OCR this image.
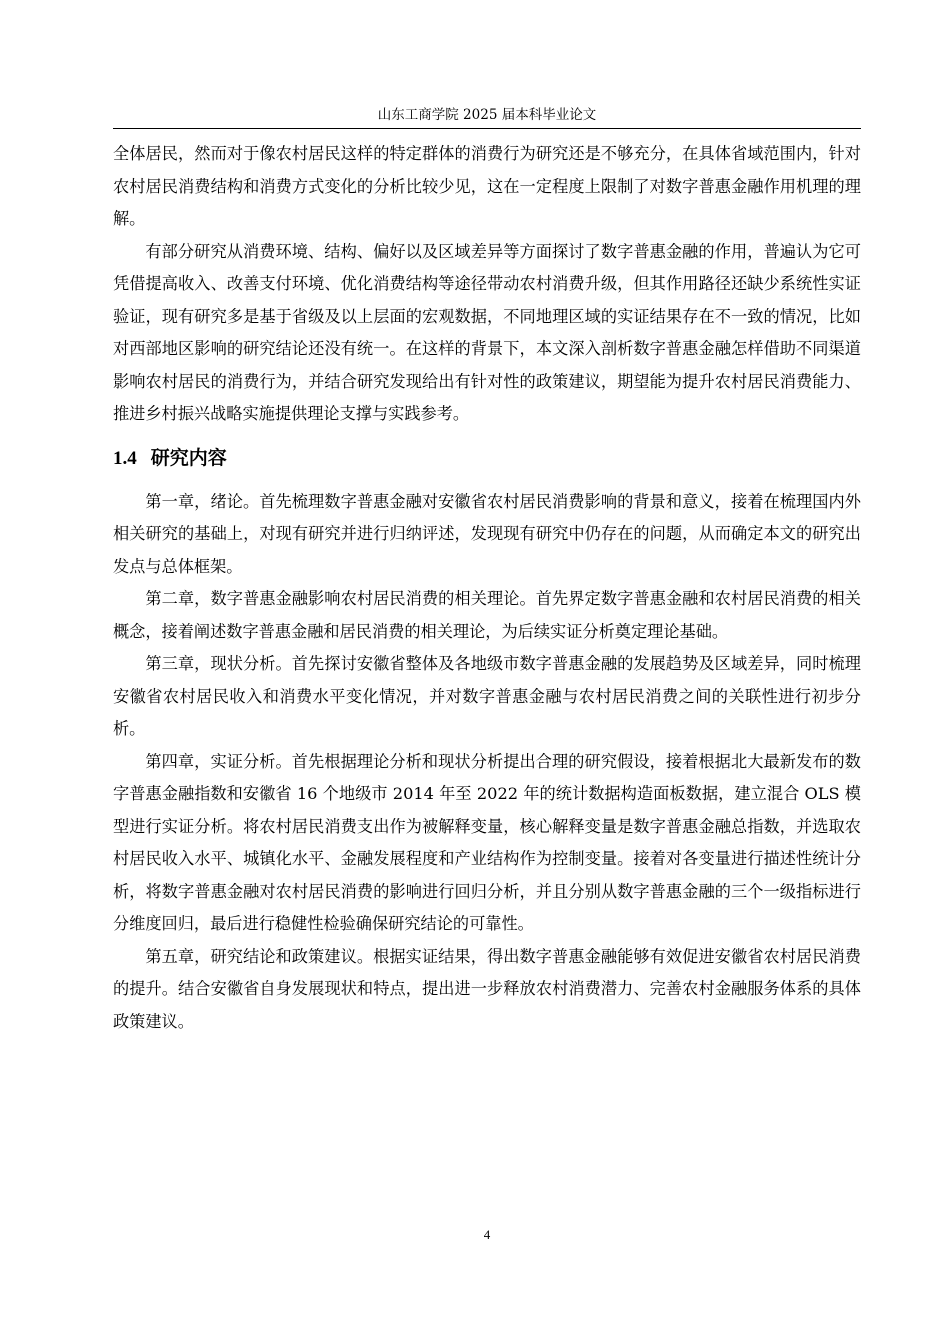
山东工商学院 2025 届本科毕业论文

全体居民，然而对于像农村居民这样的特定群体的消费行为研究还是不够充分，在具体省域范围内，针对农村居民消费结构和消费方式变化的分析比较少见，这在一定程度上限制了对数字普惠金融作用机理的理解。

有部分研究从消费环境、结构、偏好以及区域差异等方面探讨了数字普惠金融的作用，普遍认为它可凭借提高收入、改善支付环境、优化消费结构等途径带动农村消费升级，但其作用路径还缺少系统性实证验证，现有研究多是基于省级及以上层面的宏观数据，不同地理区域的实证结果存在不一致的情况，比如对西部地区影响的研究结论还没有统一。在这样的背景下，本文深入剖析数字普惠金融怎样借助不同渠道影响农村居民的消费行为，并结合研究发现给出有针对性的政策建议，期望能为提升农村居民消费能力、推进乡村振兴战略实施提供理论支撑与实践参考。

1.4 研究内容

第一章，绪论。首先梳理数字普惠金融对安徽省农村居民消费影响的背景和意义，接着在梳理国内外相关研究的基础上，对现有研究并进行归纳评述，发现现有研究中仍存在的问题，从而确定本文的研究出发点与总体框架。

第二章，数字普惠金融影响农村居民消费的相关理论。首先界定数字普惠金融和农村居民消费的相关概念，接着阐述数字普惠金融和居民消费的相关理论，为后续实证分析奠定理论基础。

第三章，现状分析。首先探讨安徽省整体及各地级市数字普惠金融的发展趋势及区域差异，同时梳理安徽省农村居民收入和消费水平变化情况，并对数字普惠金融与农村居民消费之间的关联性进行初步分析。

第四章，实证分析。首先根据理论分析和现状分析提出合理的研究假设，接着根据北大最新发布的数字普惠金融指数和安徽省 16 个地级市 2014 年至 2022 年的统计数据构造面板数据，建立混合 OLS 模型进行实证分析。将农村居民消费支出作为被解释变量，核心解释变量是数字普惠金融总指数，并选取农村居民收入水平、城镇化水平、金融发展程度和产业结构作为控制变量。接着对各变量进行描述性统计分析，将数字普惠金融对农村居民消费的影响进行回归分析，并且分别从数字普惠金融的三个一级指标进行分维度回归，最后进行稳健性检验确保研究结论的可靠性。

第五章，研究结论和政策建议。根据实证结果，得出数字普惠金融能够有效促进安徽省农村居民消费的提升。结合安徽省自身发展现状和特点，提出进一步释放农村消费潜力、完善农村金融服务体系的具体政策建议。

4
